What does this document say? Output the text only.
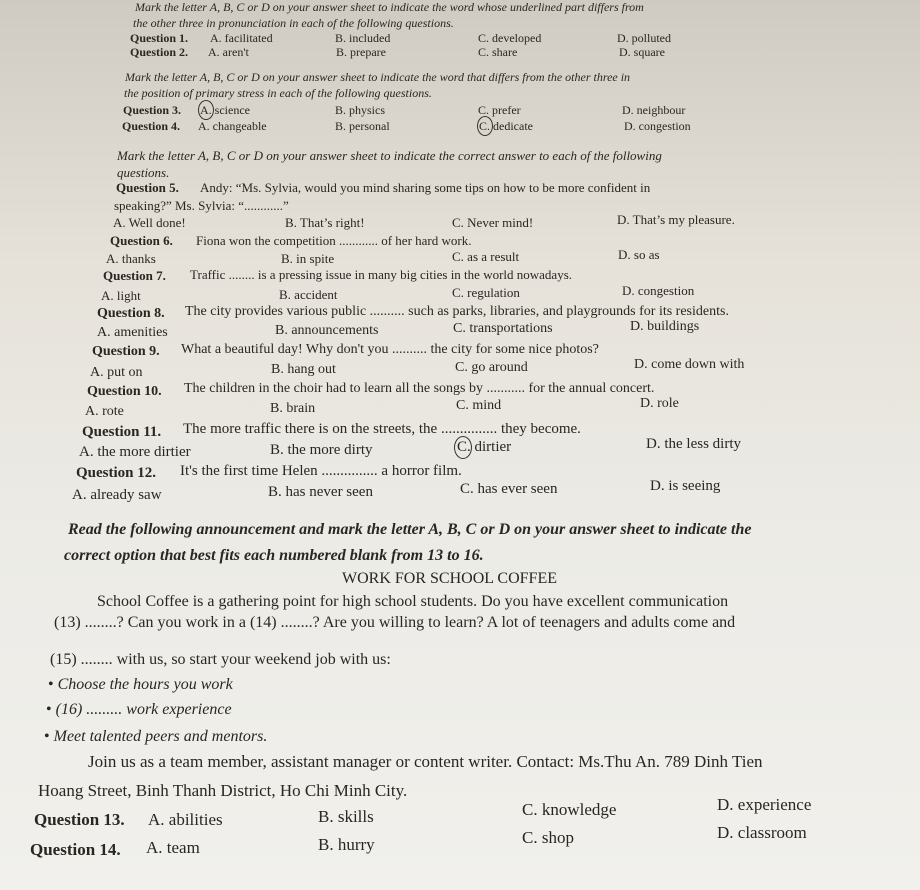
Mark the letter A, B, C or D on your answer sheet to indicate the word whose underlined part differs from
the other three in pronunciation in each of the following questions.
Question 1. A. facilitated	B. included	C. developed	D. polluted
Question 2. A. aren't	B. prepare	C. share	D. square
Mark the letter A, B, C or D on your answer sheet to indicate the word that differs from the other three in
the position of primary stress in each of the following questions.
Question 3. A. science	B. physics	C. prefer	D. neighbour
Question 4. A. changeable	B. personal	C. dedicate	D. congestion
Mark the letter A, B, C or D on your answer sheet to indicate the correct answer to each of the following
questions.
Question 5. Andy: “Ms. Sylvia, would you mind sharing some tips on how to be more confident in
speaking?” Ms. Sylvia: “............”
A. Well done!	B. That’s right!	C. Never mind!	D. That’s my pleasure.
Question 6. Fiona won the competition ............ of her hard work.
A. thanks	B. in spite	C. as a result	D. so as
Question 7. Traffic ........ is a pressing issue in many big cities in the world nowadays.
A. light	B. accident	C. regulation	D. congestion
Question 8. The city provides various public .......... such as parks, libraries, and playgrounds for its residents.
A. amenities	B. announcements	C. transportations	D. buildings
Question 9. What a beautiful day! Why don't you .......... the city for some nice photos?
A. put on	B. hang out	C. go around	D. come down with
Question 10. The children in the choir had to learn all the songs by ........... for the annual concert.
A. rote	B. brain	C. mind	D. role
Question 11. The more traffic there is on the streets, the ............... they become.
A. the more dirtier	B. the more dirty	C. dirtier	D. the less dirty
Question 12. It's the first time Helen ............... a horror film.
A. already saw	B. has never seen	C. has ever seen	D. is seeing
Read the following announcement and mark the letter A, B, C or D on your answer sheet to indicate the
correct option that best fits each numbered blank from 13 to 16.
WORK FOR SCHOOL COFFEE
School Coffee is a gathering point for high school students. Do you have excellent communication
(13) ........? Can you work in a (14) ........? Are you willing to learn? A lot of teenagers and adults come and
(15) ........ with us, so start your weekend job with us:
• Choose the hours you work
• (16) ......... work experience
• Meet talented peers and mentors.
Join us as a team member, assistant manager or content writer. Contact: Ms.Thu An. 789 Dinh Tien
Hoang Street, Binh Thanh District, Ho Chi Minh City.
Question 13. A. abilities	B. skills	C. knowledge	D. experience
Question 14. A. team	B. hurry	C. shop	D. classroom
